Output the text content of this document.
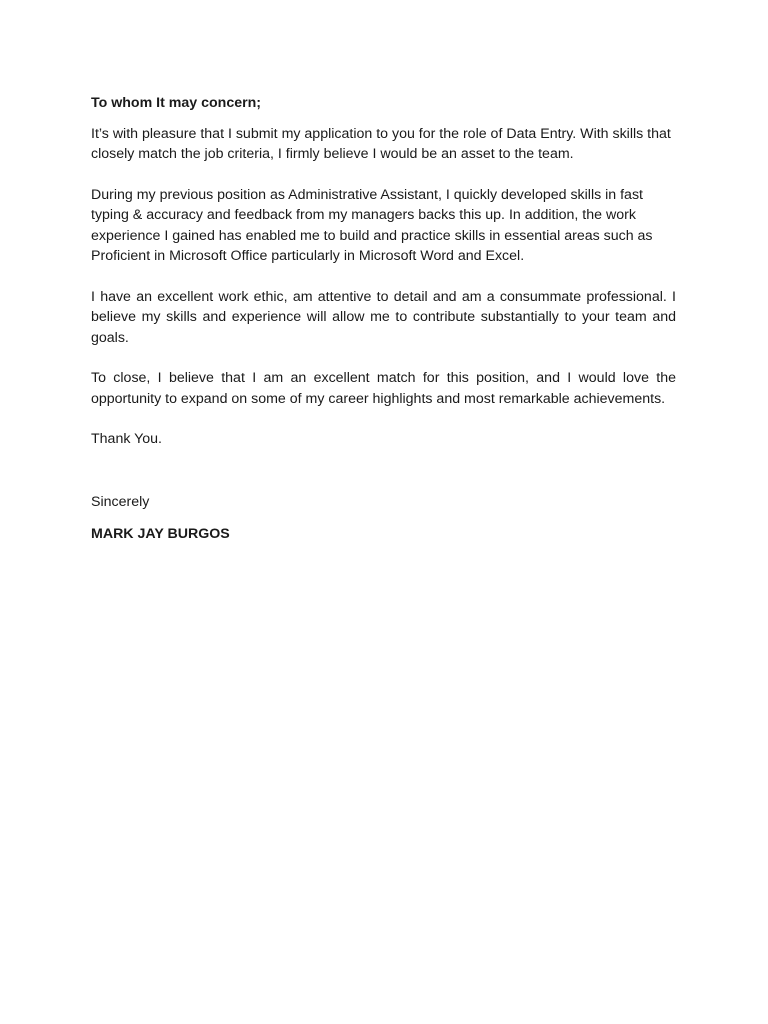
To whom It may concern;

It’s with pleasure that I submit my application to you for the role of Data Entry. With skills that closely match the job criteria, I firmly believe I would be an asset to the team.

During my previous position as Administrative Assistant, I quickly developed skills in fast typing & accuracy and feedback from my managers backs this up. In addition, the work experience I gained has enabled me to build and practice skills in essential areas such as Proficient in Microsoft Office particularly in Microsoft Word and Excel.

I have an excellent work ethic, am attentive to detail and am a consummate professional. I believe my skills and experience will allow me to contribute substantially to your team and goals.

To close, I believe that I am an excellent match for this position, and I would love the opportunity to expand on some of my career highlights and most remarkable achievements.

Thank You.

Sincerely

MARK JAY BURGOS
